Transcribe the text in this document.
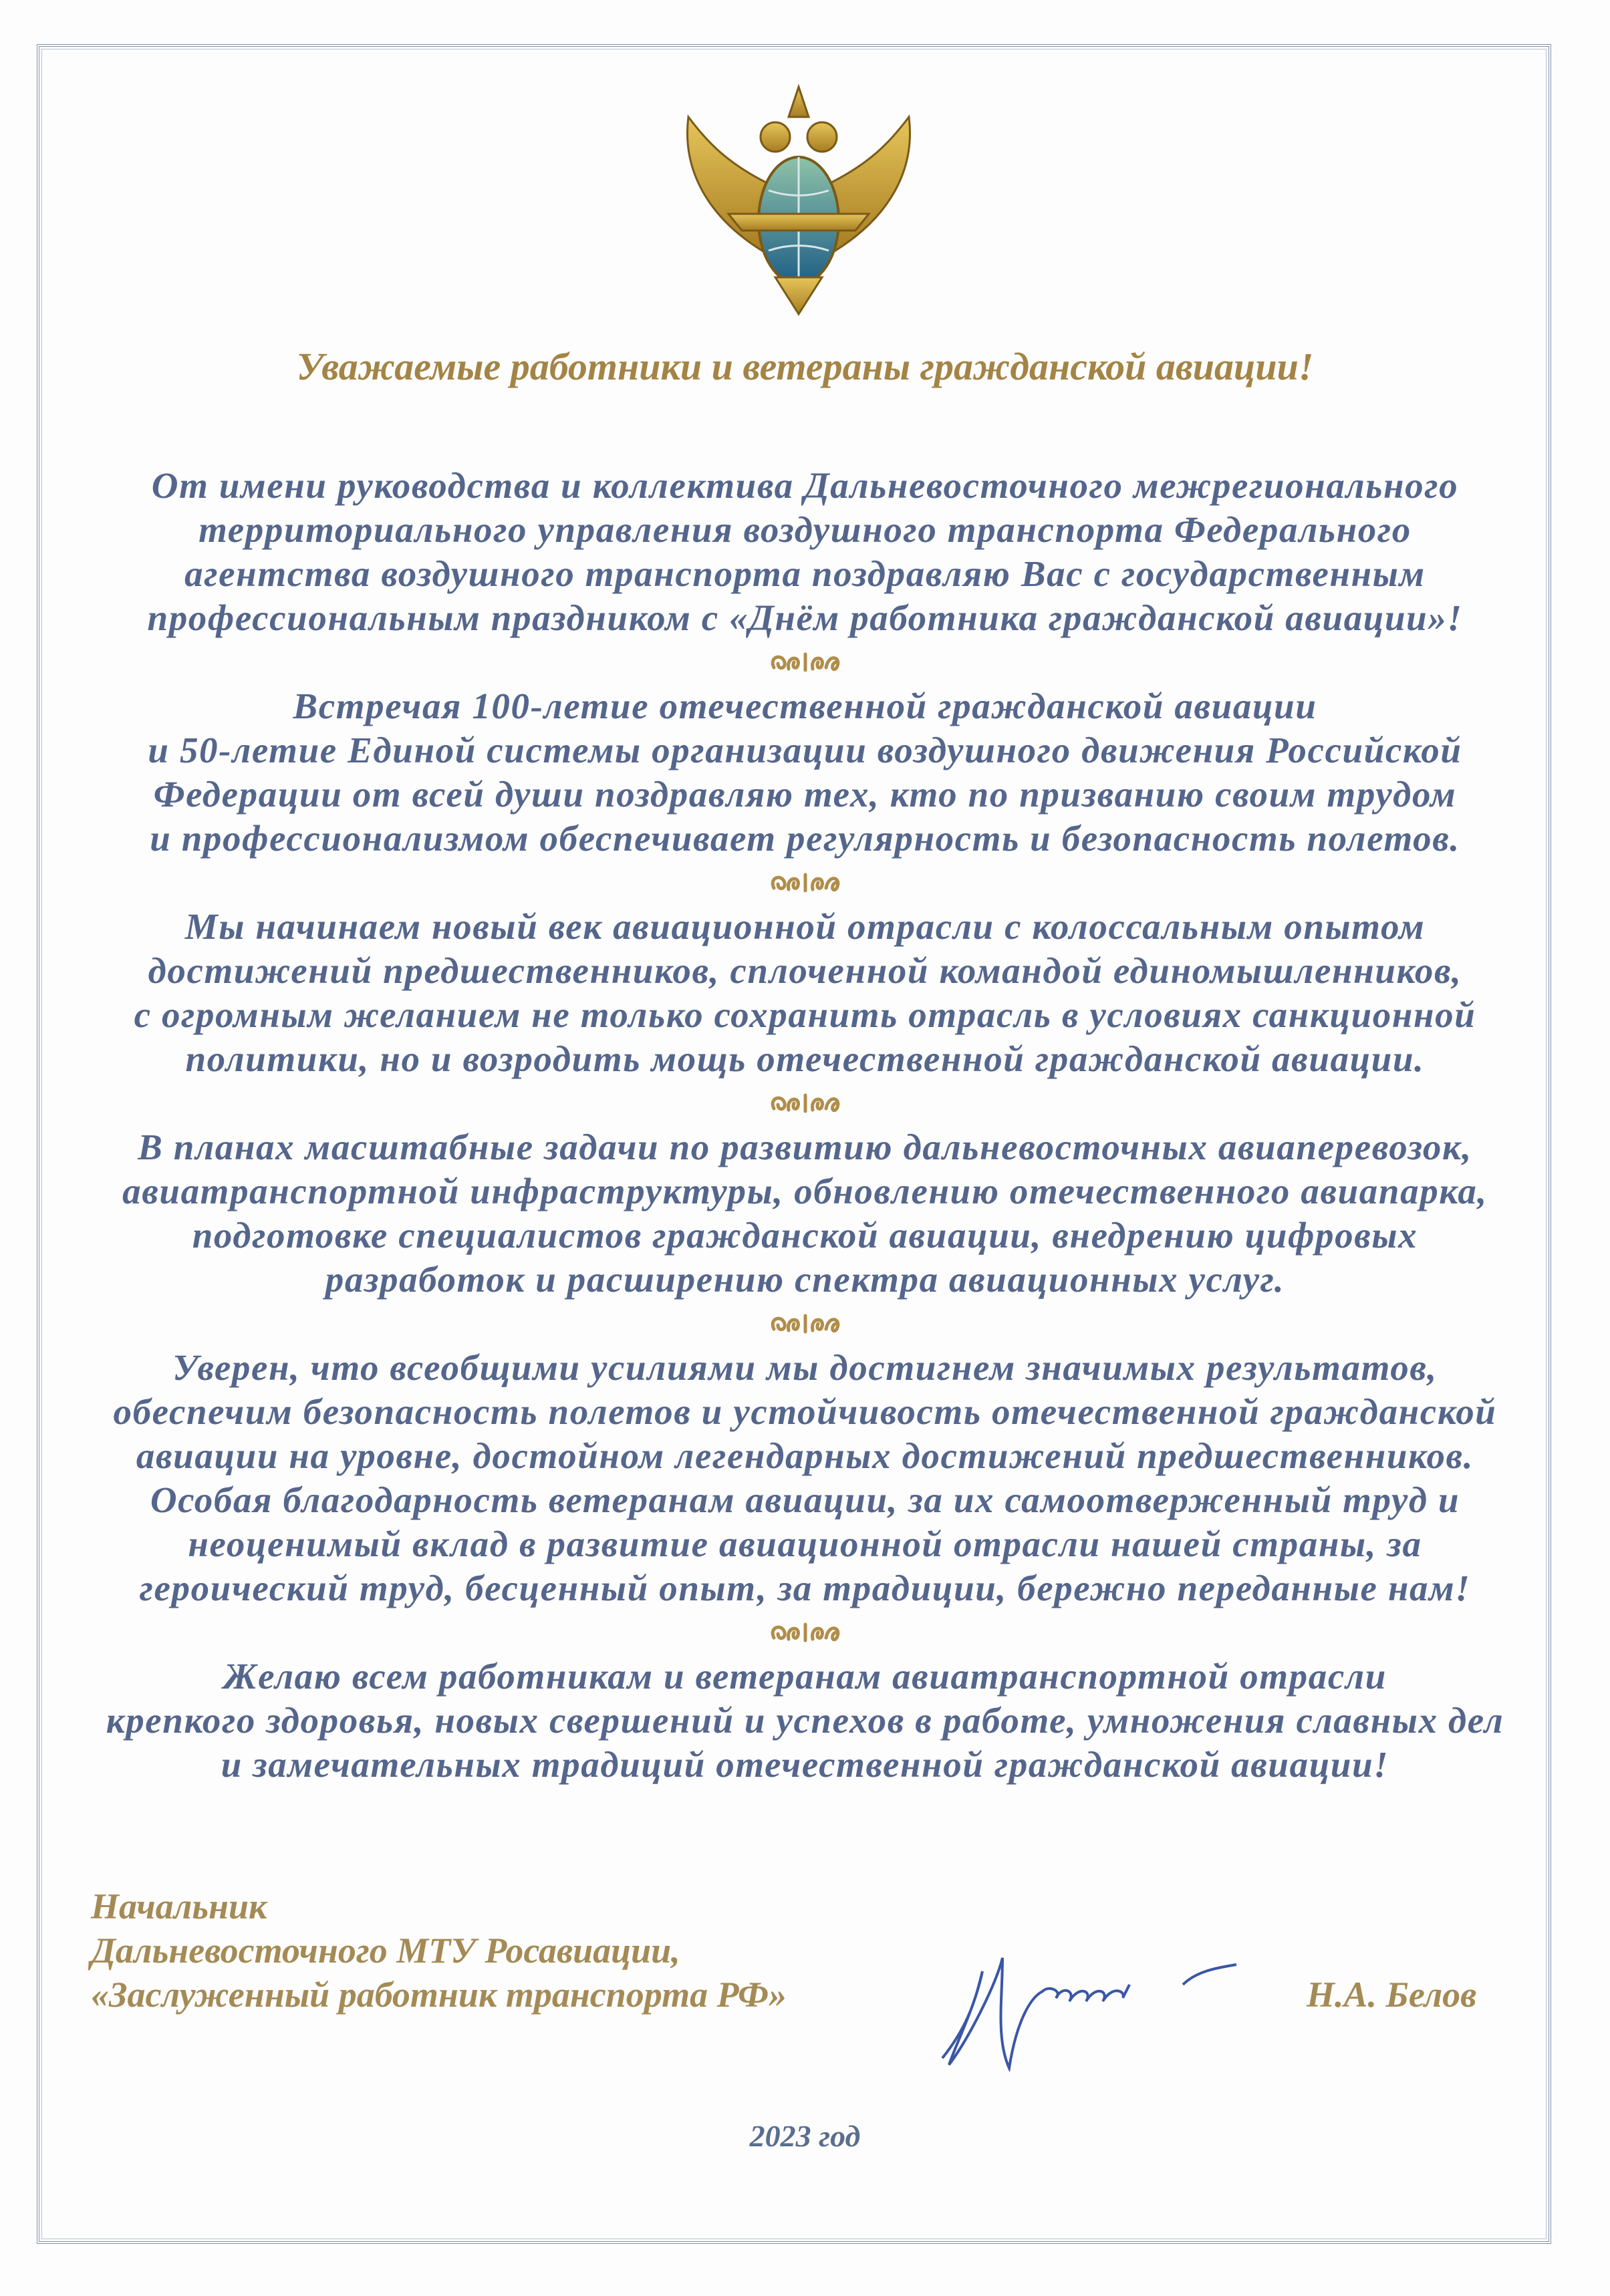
Уважаемые работники и ветераны гражданской авиации!
От имени руководства и коллектива Дальневосточного межрегионального
территориального управления воздушного транспорта Федерального
агентства воздушного транспорта поздравляю Вас с государственным
профессиональным праздником с «Днём работника гражданской авиации»!
Встречая 100-летие отечественной гражданской авиации
и 50-летие Единой системы организации воздушного движения Российской
Федерации от всей души поздравляю тех, кто по призванию своим трудом
и профессионализмом обеспечивает регулярность и безопасность полетов.
Мы начинаем новый век авиационной отрасли с колоссальным опытом
достижений предшественников, сплоченной командой единомышленников,
с огромным желанием не только сохранить отрасль в условиях санкционной
политики, но и возродить мощь отечественной гражданской авиации.
В планах масштабные задачи по развитию дальневосточных авиаперевозок,
авиатранспортной инфраструктуры, обновлению отечественного авиапарка,
подготовке специалистов гражданской авиации, внедрению цифровых
разработок и расширению спектра авиационных услуг.
Уверен, что всеобщими усилиями мы достигнем значимых результатов,
обеспечим безопасность полетов и устойчивость отечественной гражданской
авиации на уровне, достойном легендарных достижений предшественников.
Особая благодарность ветеранам авиации, за их самоотверженный труд и
неоценимый вклад в развитие авиационной отрасли нашей страны, за
героический труд, бесценный опыт, за традиции, бережно переданные нам!
Желаю всем работникам и ветеранам авиатранспортной отрасли
крепкого здоровья, новых свершений и успехов в работе, умножения славных дел
и замечательных традиций отечественной гражданской авиации!
Начальник
Дальневосточного МТУ Росавиации,
«Заслуженный работник транспорта РФ»	Н.А. Белов
2023 год
